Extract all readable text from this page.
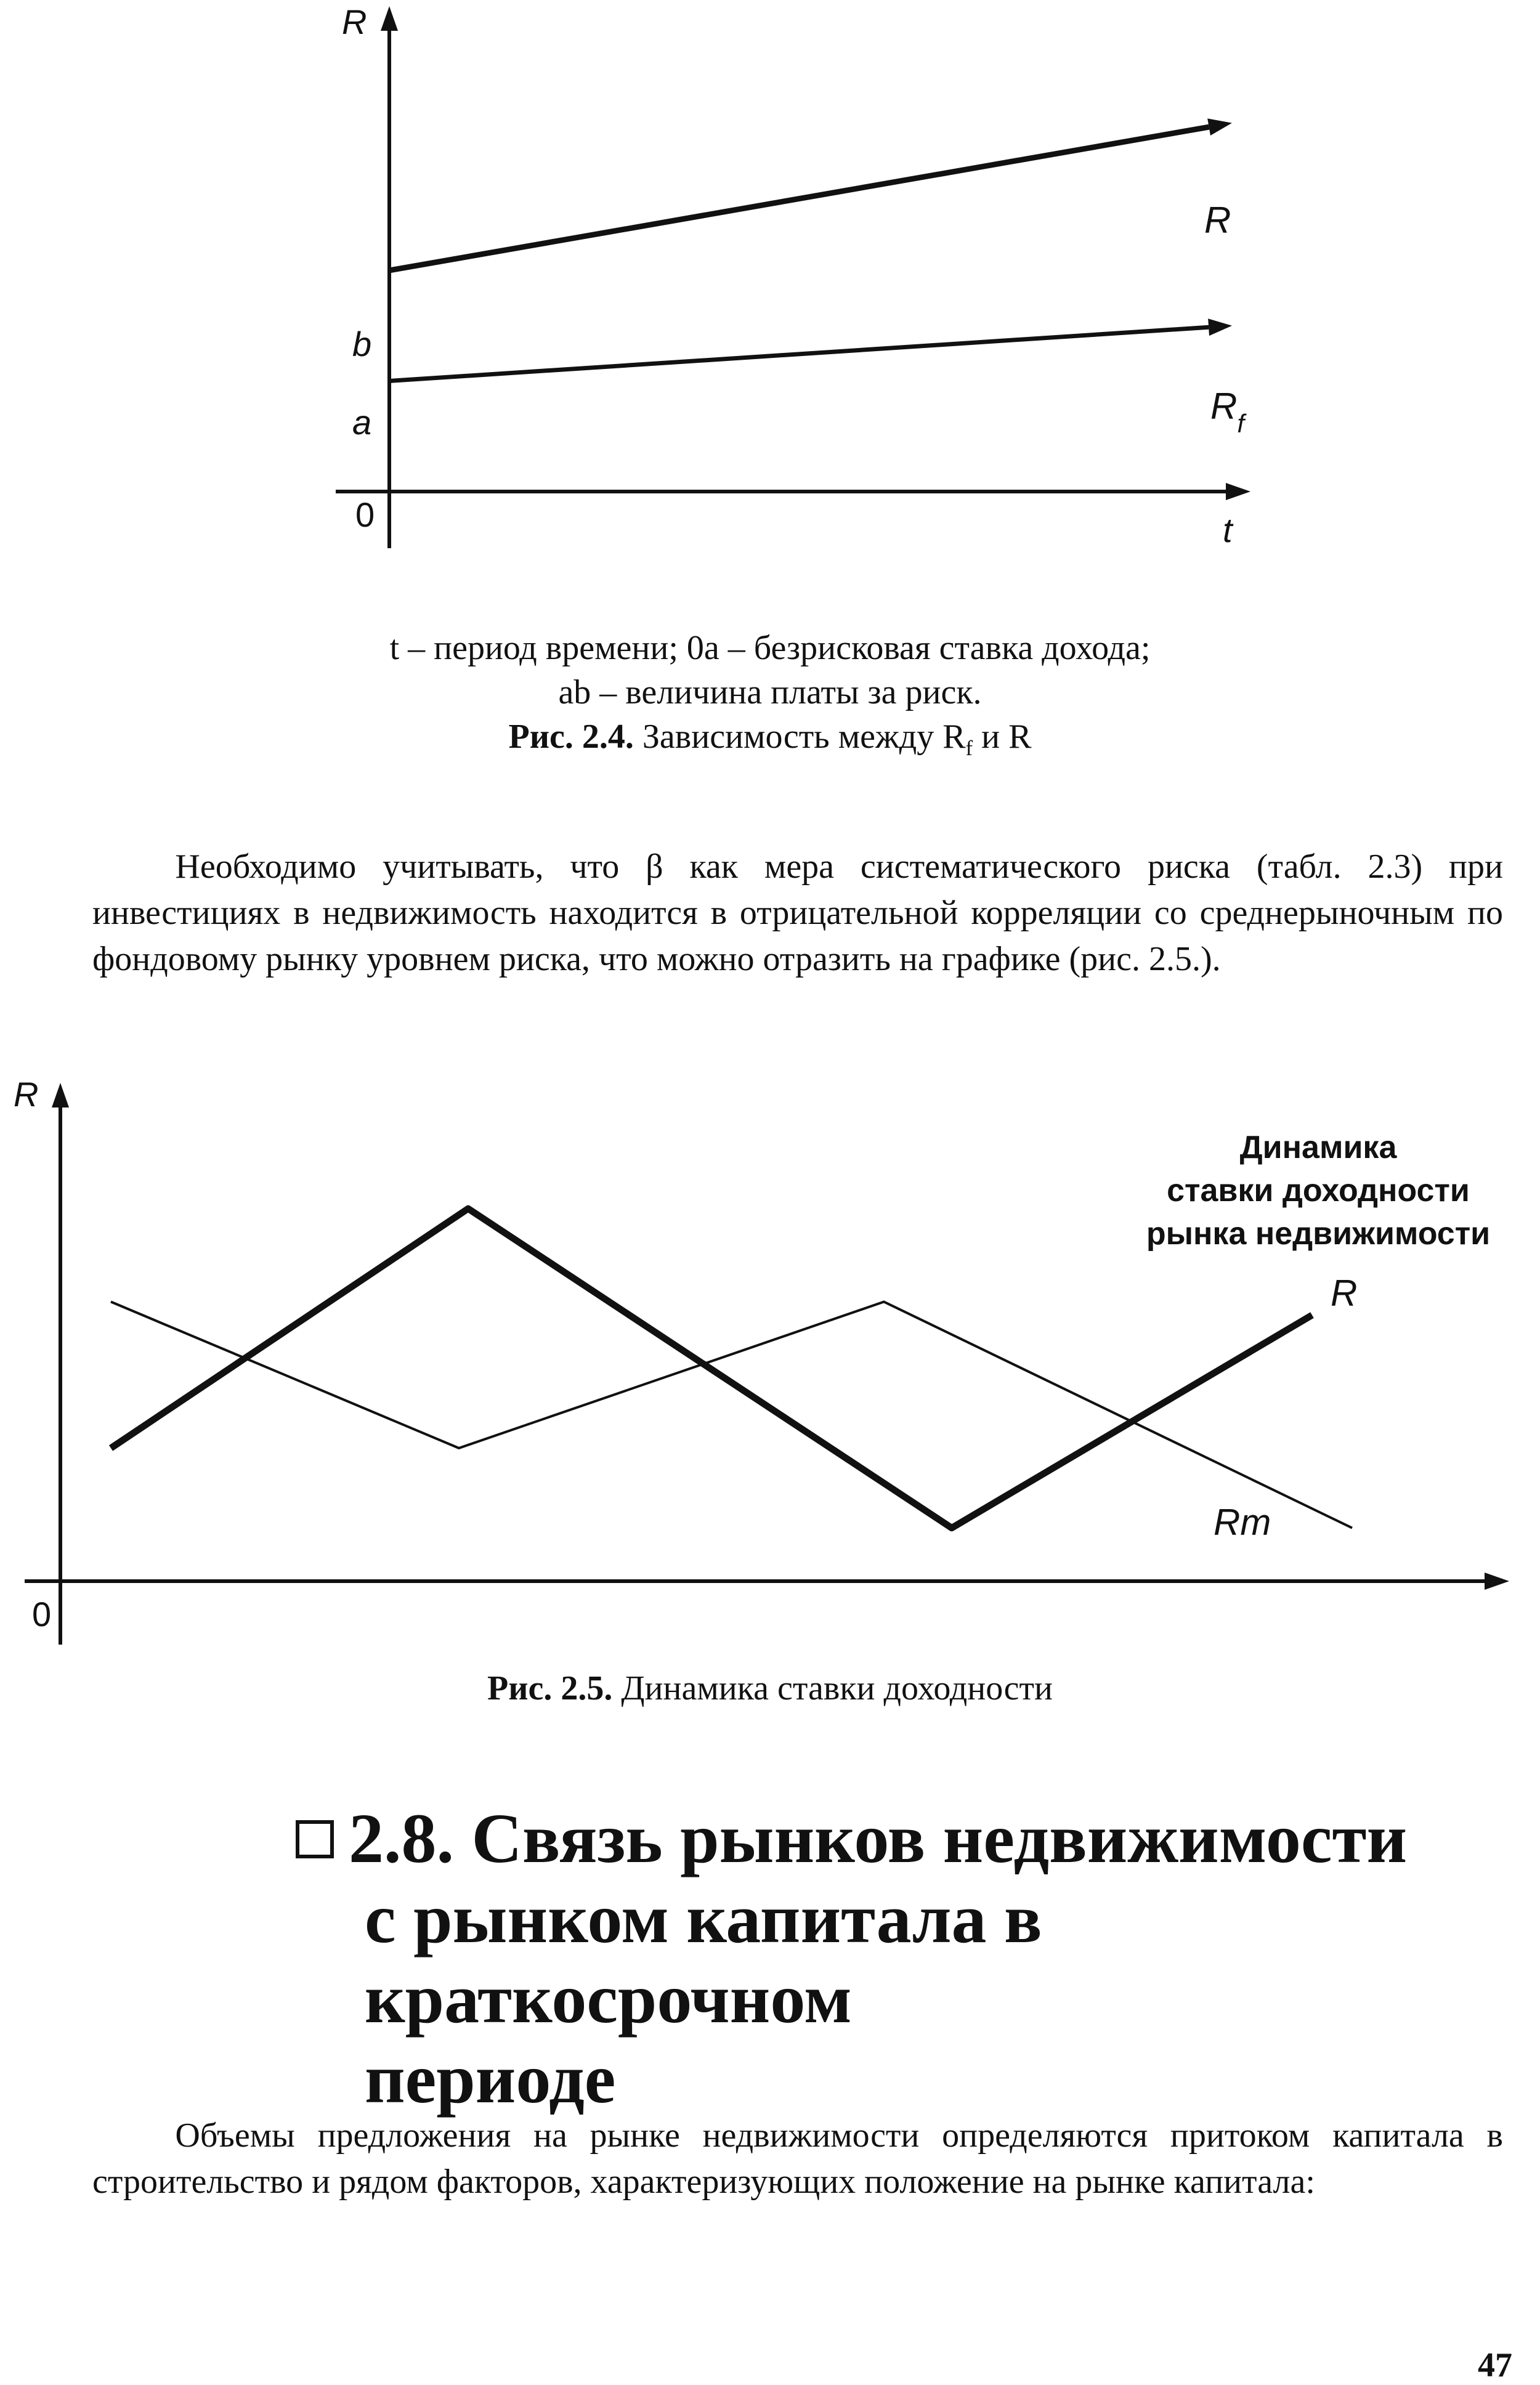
R
t
0
b
a
R
$R_f$
t – период времени; 0a – безрисковая ставка дохода;
ab – величина платы за риск.
Рис. 2.4. Зависимость между $R_f$ и R

Необходимо учитывать, что β как мера систематического риска (табл. 2.3) при инвестициях в недвижимость находится в отрицательной корреляции со среднерыночным по фондовому рынку уровнем риска, что можно отразить на графике (рис. 2.5.).

R
0
Динамика
ставки доходности
рынка недвижимости
R
Rm
Рис. 2.5. Динамика ставки доходности
2.8. Связь рынков недвижимости
с рынком капитала в краткосрочном
периоде

Объемы предложения на рынке недвижимости определяются притоком капитала в строительство и рядом факторов, характеризующих положение на рынке капитала:

47
